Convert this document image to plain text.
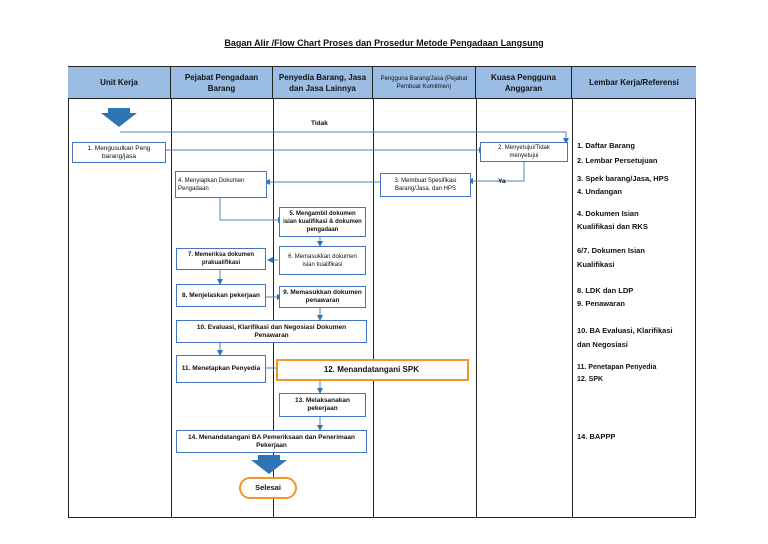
Bagan Alir /Flow Chart Proses dan Prosedur Metode Pengadaan Langsung
Unit Kerja
Pejabat Pengadaan Barang
Penyedia Barang, Jasa dan Jasa Lainnya
Pengguna Barang/Jasa (Pejabat Pembuat Komitmen)
Kuasa Pengguna Anggaran
Lembar Kerja/Referensi
1. Mengusulkan Peng barang/jasa
2. Menyetujui/Tidak menyetujui
3. Membuat Spesifikasi Barang/Jasa, dan HPS
4. Menyiapkan Dokumen Pengadaan
5. Mengambil dokumen isian kualifikasi & dokumen pengadaan
6. Memasukkan dokumen isian kualifikasi
7. Memeriksa dokumen prakualifikasi
8. Menjelaskan pekerjaan	9. Memasukkan dokumen penawaran
10. Evaluasi, Klarifikasi dan Negosiasi Dokumen Penawaran
11. Menetapkan Penyedia	12. Menandatangani SPK
13. Melaksanakan pekerjaan
14. Menandatangani BA Pemeriksaan dan Penerimaan Pekerjaan
Selesai
Tidak
Ya
1. Daftar Barang
2. Lembar Persetujuan
3. Spek barang/Jasa, HPS
4. Undangan
4. Dokumen Isian
Kualifikasi dan RKS
6/7. Dokumen Isian
Kualifikasi
8. LDK dan LDP
9. Penawaran
10. BA Evaluasi, Klarifikasi
dan Negosiasi
11. Penetapan Penyedia
12. SPK
14. BAPPP
